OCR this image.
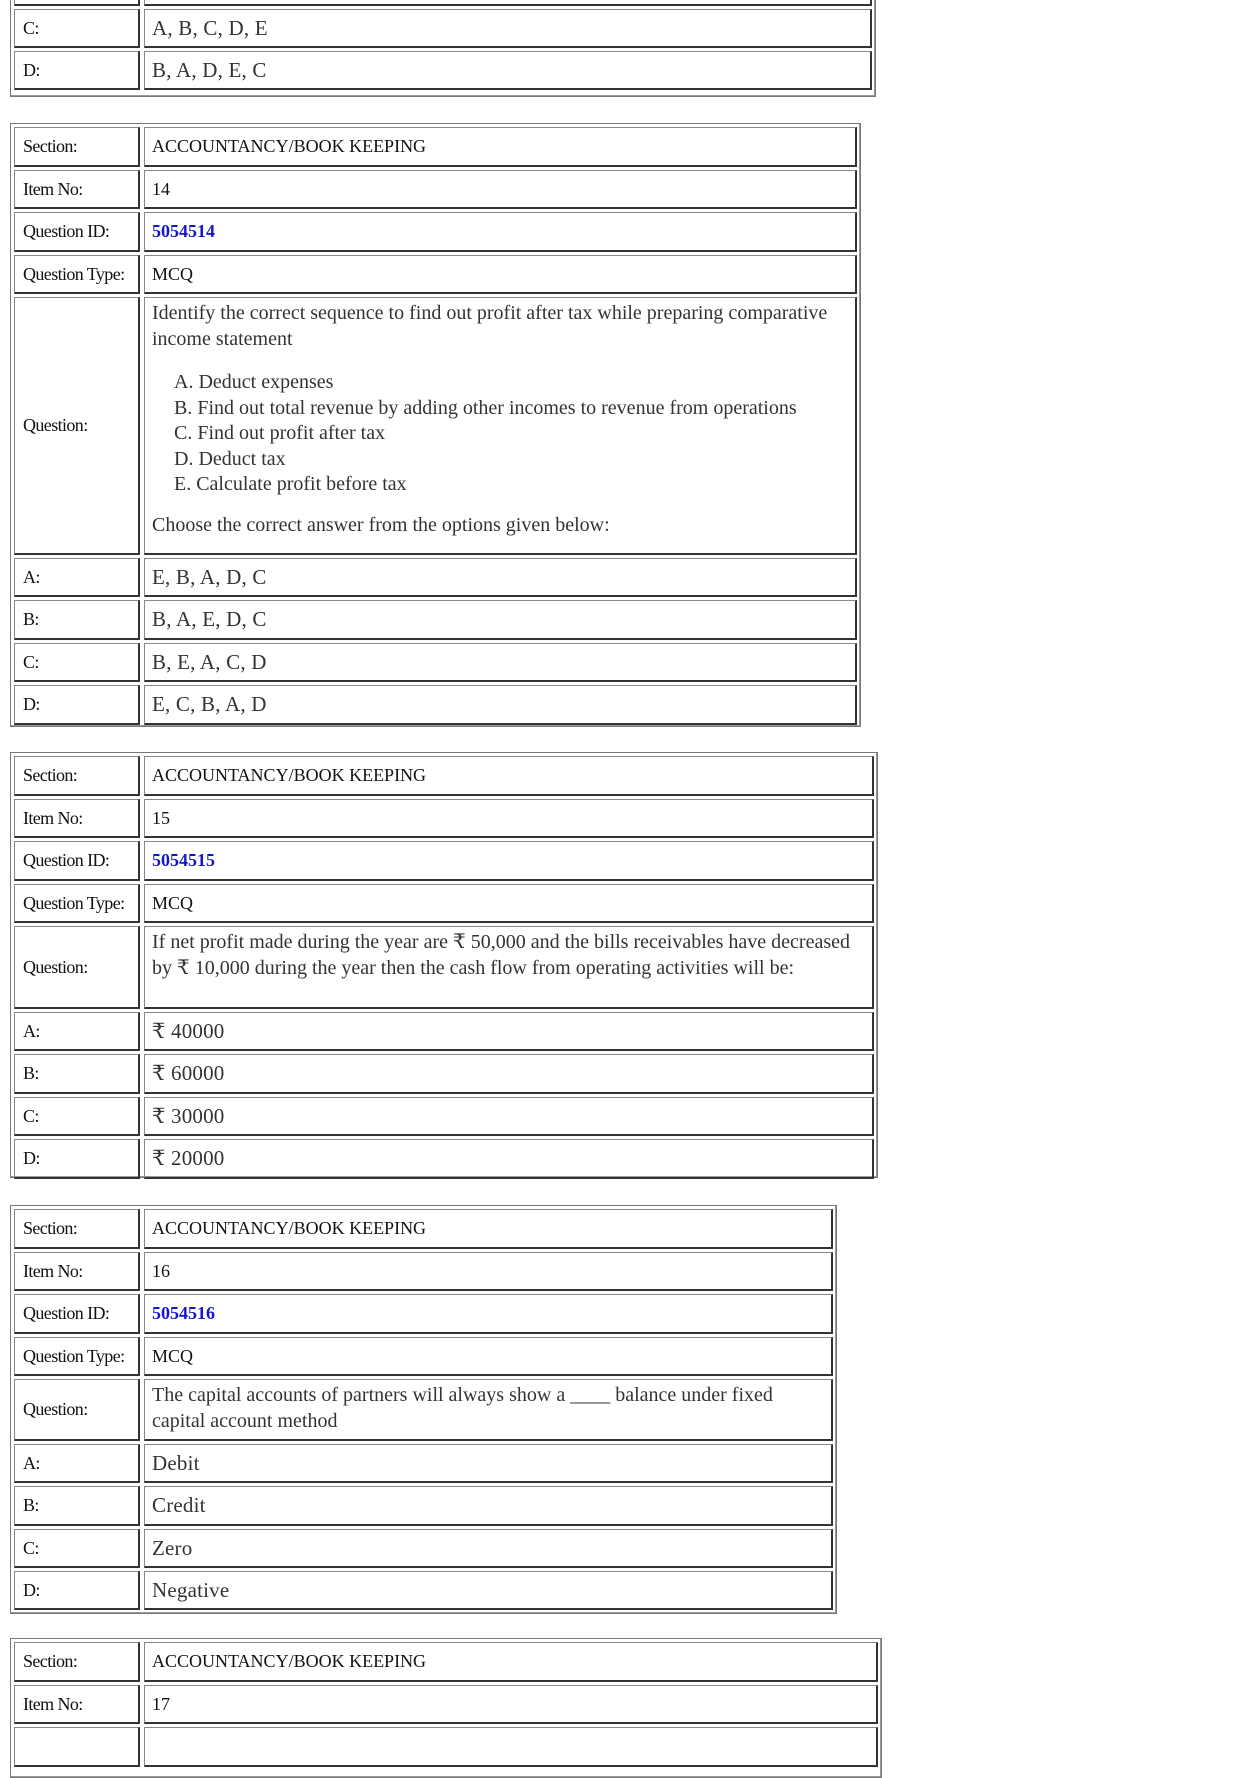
C:	A, B, C, D, E
D:	B, A, D, E, C
Section:	ACCOUNTANCY/BOOK KEEPING
Item No:	14
Question ID:	5054514
Question Type:	MCQ
Question:
Identify the correct sequence to find out profit after tax while preparing comparative income statement
A. Deduct expenses
B. Find out total revenue by adding other incomes to revenue from operations
C. Find out profit after tax
D. Deduct tax
E. Calculate profit before tax
Choose the correct answer from the options given below:
A:	E, B, A, D, C
B:	B, A, E, D, C
C:	B, E, A, C, D
D:	E, C, B, A, D
Section:	ACCOUNTANCY/BOOK KEEPING
Item No:	15
Question ID:	5054515
Question Type:	MCQ
Question:
If net profit made during the year are ₹ 50,000 and the bills receivables have decreased by ₹ 10,000 during the year then the cash flow from operating activities will be:
A:	₹ 40000
B:	₹ 60000
C:	₹ 30000
D:	₹ 20000
Section:	ACCOUNTANCY/BOOK KEEPING
Item No:	16
Question ID:	5054516
Question Type:	MCQ
Question:
The capital accounts of partners will always show a ____ balance under fixed capital account method
A:	Debit
B:	Credit
C:	Zero
D:	Negative
Section:	ACCOUNTANCY/BOOK KEEPING
Item No:	17
